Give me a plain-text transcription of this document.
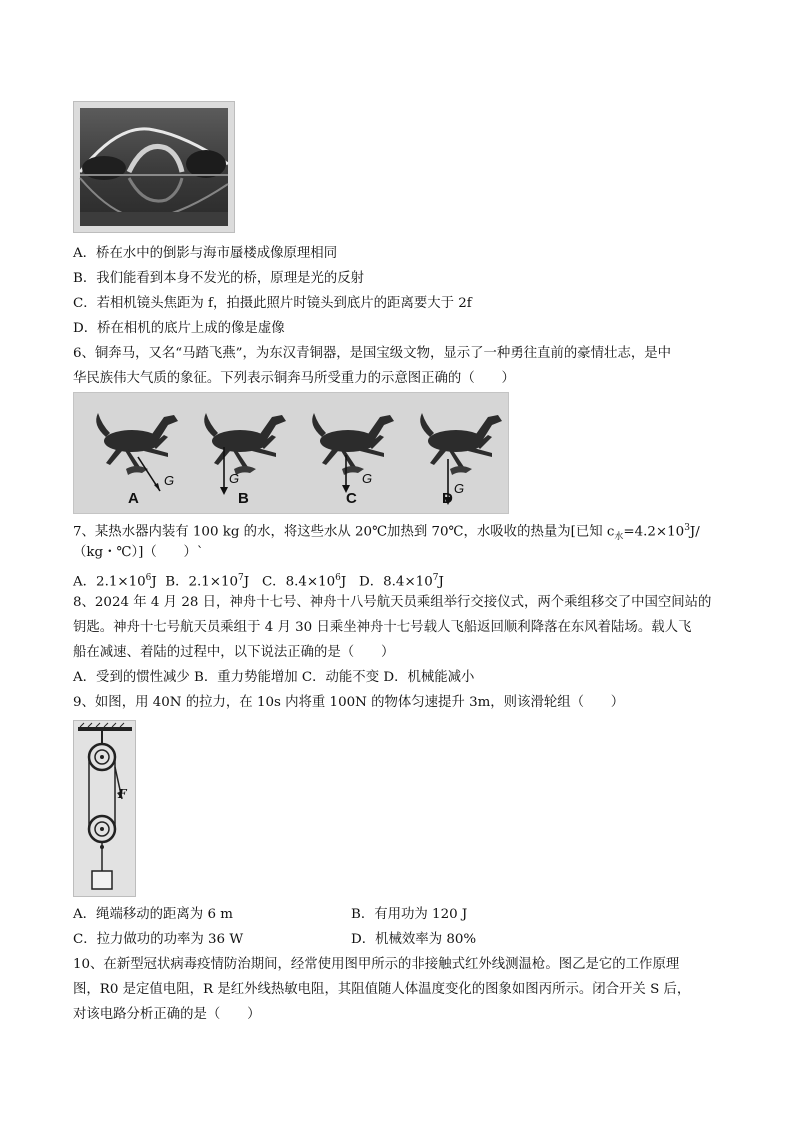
A．桥在水中的倒影与海市蜃楼成像原理相同
B．我们能看到本身不发光的桥，原理是光的反射
C．若相机镜头焦距为 f，拍摄此照片时镜头到底片的距离要大于 2f
D．桥在相机的底片上成的像是虚像
6、铜奔马，又名“马踏飞燕”，为东汉青铜器，是国宝级文物，显示了一种勇往直前的豪情壮志，是中
华民族伟大气质的象征。下列表示铜奔马所受重力的示意图正确的（　　）
A	B	C	D
G	G	G
G
7、某热水器内装有 100 kg 的水，将这些水从 20℃加热到 70℃，水吸收的热量为[已知 $c_水=4.2\times 10^3J/$
（kg・℃）]（　　）`
A．$2.1\times 10^6J$ B．$2.1\times 10^7J$ C．$8.4\times 10^6J$ D．$8.4\times 10^7J$
8、2024 年 4 月 28 日，神舟十七号、神舟十八号航天员乘组举行交接仪式，两个乘组移交了中国空间站的
钥匙。神舟十七号航天员乘组于 4 月 30 日乘坐神舟十七号载人飞船返回顺利降落在东风着陆场。载人飞
船在减速、着陆的过程中，以下说法正确的是（　　）
A．受到的惯性减少 B．重力势能增加 C．动能不变 D．机械能减小
9、如图，用 40N 的拉力，在 10s 内将重 100N 的物体匀速提升 3m，则该滑轮组（　　）
F
A．绳端移动的距离为 6 m	B．有用功为 120 J
C．拉力做功的功率为 36 W	D．机械效率为 80%
10、在新型冠状病毒疫情防治期间，经常使用图甲所示的非接触式红外线测温枪。图乙是它的工作原理
图，R0 是定值电阻，R 是红外线热敏电阻，其阻值随人体温度变化的图象如图丙所示。闭合开关 S 后，
对该电路分析正确的是（　　）
